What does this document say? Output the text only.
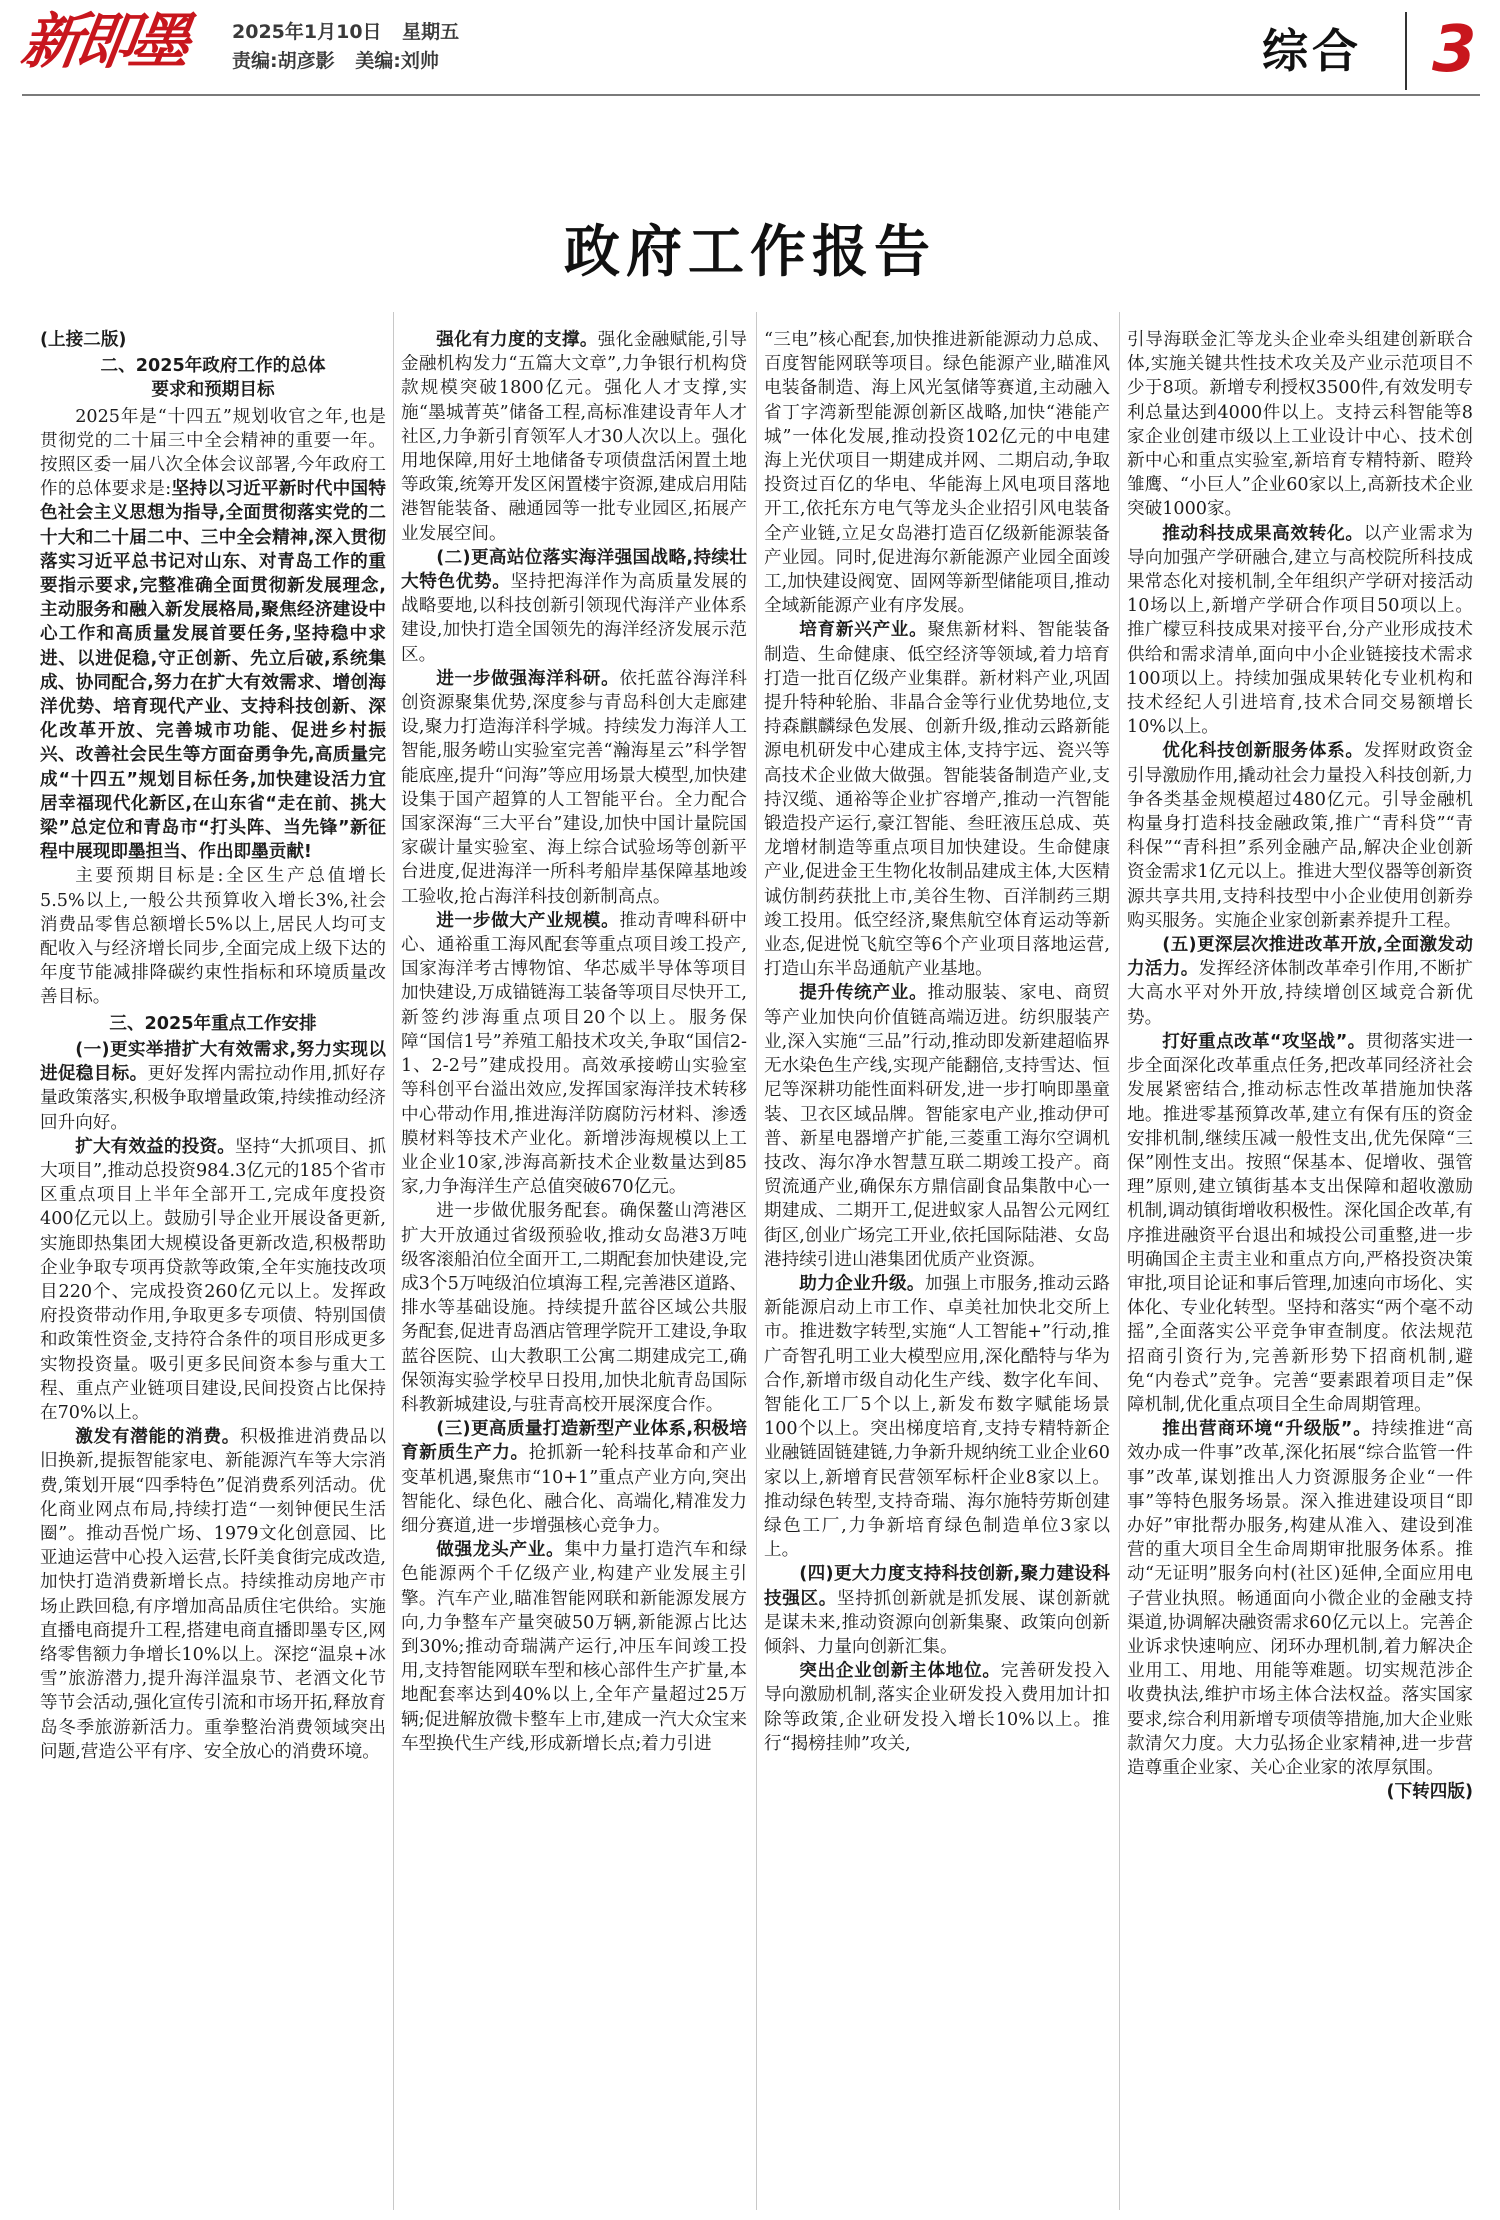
新即墨 2025年1月10日 星期五
责编:胡彦影 美编:刘帅	综合 3
政府工作报告

(上接二版)

二、2025年政府工作的总体
要求和预期目标

2025年是“十四五”规划收官之年,也是贯彻党的二十届三中全会精神的重要一年。按照区委一届八次全体会议部署,今年政府工作的总体要求是:坚持以习近平新时代中国特色社会主义思想为指导,全面贯彻落实党的二十大和二十届二中、三中全会精神,深入贯彻落实习近平总书记对山东、对青岛工作的重要指示要求,完整准确全面贯彻新发展理念,主动服务和融入新发展格局,聚焦经济建设中心工作和高质量发展首要任务,坚持稳中求进、以进促稳,守正创新、先立后破,系统集成、协同配合,努力在扩大有效需求、增创海洋优势、培育现代产业、支持科技创新、深化改革开放、完善城市功能、促进乡村振兴、改善社会民生等方面奋勇争先,高质量完成“十四五”规划目标任务,加快建设活力宜居幸福现代化新区,在山东省“走在前、挑大梁”总定位和青岛市“打头阵、当先锋”新征程中展现即墨担当、作出即墨贡献!

主要预期目标是:全区生产总值增长5.5%以上,一般公共预算收入增长3%,社会消费品零售总额增长5%以上,居民人均可支配收入与经济增长同步,全面完成上级下达的年度节能减排降碳约束性指标和环境质量改善目标。

三、2025年重点工作安排

(一)更实举措扩大有效需求,努力实现以进促稳目标。更好发挥内需拉动作用,抓好存量政策落实,积极争取增量政策,持续推动经济回升向好。

扩大有效益的投资。坚持“大抓项目、抓大项目”,推动总投资984.3亿元的185个省市区重点项目上半年全部开工,完成年度投资400亿元以上。鼓励引导企业开展设备更新,实施即热集团大规模设备更新改造,积极帮助企业争取专项再贷款等政策,全年实施技改项目220个、完成投资260亿元以上。发挥政府投资带动作用,争取更多专项债、特别国债和政策性资金,支持符合条件的项目形成更多实物投资量。吸引更多民间资本参与重大工程、重点产业链项目建设,民间投资占比保持在70%以上。

激发有潜能的消费。积极推进消费品以旧换新,提振智能家电、新能源汽车等大宗消费,策划开展“四季特色”促消费系列活动。优化商业网点布局,持续打造“一刻钟便民生活圈”。推动吾悦广场、1979文化创意园、比亚迪运营中心投入运营,长阡美食街完成改造,加快打造消费新增长点。持续推动房地产市场止跌回稳,有序增加高品质住宅供给。实施直播电商提升工程,搭建电商直播即墨专区,网络零售额力争增长10%以上。深挖“温泉+冰雪”旅游潜力,提升海洋温泉节、老酒文化节等节会活动,强化宣传引流和市场开拓,释放育岛冬季旅游新活力。重拳整治消费领域突出问题,营造公平有序、安全放心的消费环境。

强化有力度的支撑。强化金融赋能,引导金融机构发力“五篇大文章”,力争银行机构贷款规模突破1800亿元。强化人才支撑,实施“墨城菁英”储备工程,高标准建设青年人才社区,力争新引育领军人才30人次以上。强化用地保障,用好土地储备专项债盘活闲置土地等政策,统筹开发区闲置楼宇资源,建成启用陆港智能装备、融通园等一批专业园区,拓展产业发展空间。

(二)更高站位落实海洋强国战略,持续壮大特色优势。坚持把海洋作为高质量发展的战略要地,以科技创新引领现代海洋产业体系建设,加快打造全国领先的海洋经济发展示范区。

进一步做强海洋科研。依托蓝谷海洋科创资源聚集优势,深度参与青岛科创大走廊建设,聚力打造海洋科学城。持续发力海洋人工智能,服务崂山实验室完善“瀚海星云”科学智能底座,提升“问海”等应用场景大模型,加快建设集于国产超算的人工智能平台。全力配合国家深海“三大平台”建设,加快中国计量院国家碳计量实验室、海上综合试验场等创新平台进度,促进海洋一所科考船岸基保障基地竣工验收,抢占海洋科技创新制高点。

进一步做大产业规模。推动青啤科研中心、通裕重工海风配套等重点项目竣工投产,国家海洋考古博物馆、华芯威半导体等项目加快建设,万成锚链海工装备等项目尽快开工,新签约涉海重点项目20个以上。服务保障“国信1号”养殖工船技术攻关,争取“国信2-1、2-2号”建成投用。高效承接崂山实验室等科创平台溢出效应,发挥国家海洋技术转移中心带动作用,推进海洋防腐防污材料、渗透膜材料等技术产业化。新增涉海规模以上工业企业10家,涉海高新技术企业数量达到85家,力争海洋生产总值突破670亿元。

进一步做优服务配套。确保鳌山湾港区扩大开放通过省级预验收,推动女岛港3万吨级客滚船泊位全面开工,二期配套加快建设,完成3个5万吨级泊位填海工程,完善港区道路、排水等基础设施。持续提升蓝谷区域公共服务配套,促进青岛酒店管理学院开工建设,争取蓝谷医院、山大教职工公寓二期建成完工,确保领海实验学校早日投用,加快北航青岛国际科教新城建设,与驻青高校开展深度合作。

(三)更高质量打造新型产业体系,积极培育新质生产力。抢抓新一轮科技革命和产业变革机遇,聚焦市“10+1”重点产业方向,突出智能化、绿色化、融合化、高端化,精准发力细分赛道,进一步增强核心竞争力。

做强龙头产业。集中力量打造汽车和绿色能源两个千亿级产业,构建产业发展主引擎。汽车产业,瞄准智能网联和新能源发展方向,力争整车产量突破50万辆,新能源占比达到30%;推动奇瑞满产运行,冲压车间竣工投用,支持智能网联车型和核心部件生产扩量,本地配套率达到40%以上,全年产量超过25万辆;促进解放微卡整车上市,建成一汽大众宝来车型换代生产线,形成新增长点;着力引进

“三电”核心配套,加快推进新能源动力总成、百度智能网联等项目。绿色能源产业,瞄准风电装备制造、海上风光氢储等赛道,主动融入省丁字湾新型能源创新区战略,加快“港能产城”一体化发展,推动投资102亿元的中电建海上光伏项目一期建成并网、二期启动,争取投资过百亿的华电、华能海上风电项目落地开工,依托东方电气等龙头企业招引风电装备全产业链,立足女岛港打造百亿级新能源装备产业园。同时,促进海尔新能源产业园全面竣工,加快建设阀宽、固网等新型储能项目,推动全域新能源产业有序发展。

培育新兴产业。聚焦新材料、智能装备制造、生命健康、低空经济等领域,着力培育打造一批百亿级产业集群。新材料产业,巩固提升特种轮胎、非晶合金等行业优势地位,支持森麒麟绿色发展、创新升级,推动云路新能源电机研发中心建成主体,支持宇远、瓷兴等高技术企业做大做强。智能装备制造产业,支持汉缆、通裕等企业扩容增产,推动一汽智能锻造投产运行,豪江智能、叁旺液压总成、英龙增材制造等重点项目加快建设。生命健康产业,促进金王生物化妆制品建成主体,大医精诚仿制药获批上市,美谷生物、百洋制药三期竣工投用。低空经济,聚焦航空体育运动等新业态,促进悦飞航空等6个产业项目落地运营,打造山东半岛通航产业基地。

提升传统产业。推动服装、家电、商贸等产业加快向价值链高端迈进。纺织服装产业,深入实施“三品”行动,推动即发新建超临界无水染色生产线,实现产能翻倍,支持雪达、恒尼等深耕功能性面料研发,进一步打响即墨童装、卫衣区域品牌。智能家电产业,推动伊可普、新星电器增产扩能,三菱重工海尔空调机技改、海尔净水智慧互联二期竣工投产。商贸流通产业,确保东方鼎信副食品集散中心一期建成、二期开工,促进蚁家人品智公元网红街区,创业广场完工开业,依托国际陆港、女岛港持续引进山港集团优质产业资源。

助力企业升级。加强上市服务,推动云路新能源启动上市工作、卓美社加快北交所上市。推进数字转型,实施“人工智能+”行动,推广奇智孔明工业大模型应用,深化酷特与华为合作,新增市级自动化生产线、数字化车间、智能化工厂5个以上,新发布数字赋能场景100个以上。突出梯度培育,支持专精特新企业融链固链建链,力争新升规纳统工业企业60家以上,新增育民营领军标杆企业8家以上。推动绿色转型,支持奇瑞、海尔施特劳斯创建绿色工厂,力争新培育绿色制造单位3家以上。

(四)更大力度支持科技创新,聚力建设科技强区。坚持抓创新就是抓发展、谋创新就是谋未来,推动资源向创新集聚、政策向创新倾斜、力量向创新汇集。

突出企业创新主体地位。完善研发投入导向激励机制,落实企业研发投入费用加计扣除等政策,企业研发投入增长10%以上。推行“揭榜挂帅”攻关,

引导海联金汇等龙头企业牵头组建创新联合体,实施关键共性技术攻关及产业示范项目不少于8项。新增专利授权3500件,有效发明专利总量达到4000件以上。支持云科智能等8家企业创建市级以上工业设计中心、技术创新中心和重点实验室,新培育专精特新、瞪羚雏鹰、“小巨人”企业60家以上,高新技术企业突破1000家。

推动科技成果高效转化。以产业需求为导向加强产学研融合,建立与高校院所科技成果常态化对接机制,全年组织产学研对接活动10场以上,新增产学研合作项目50项以上。推广檬豆科技成果对接平台,分产业形成技术供给和需求清单,面向中小企业链接技术需求100项以上。持续加强成果转化专业机构和技术经纪人引进培育,技术合同交易额增长10%以上。

优化科技创新服务体系。发挥财政资金引导激励作用,撬动社会力量投入科技创新,力争各类基金规模超过480亿元。引导金融机构量身打造科技金融政策,推广“青科贷”“青科保”“青科担”系列金融产品,解决企业创新资金需求1亿元以上。推进大型仪器等创新资源共享共用,支持科技型中小企业使用创新券购买服务。实施企业家创新素养提升工程。

(五)更深层次推进改革开放,全面激发动力活力。发挥经济体制改革牵引作用,不断扩大高水平对外开放,持续增创区域竞合新优势。

打好重点改革“攻坚战”。贯彻落实进一步全面深化改革重点任务,把改革同经济社会发展紧密结合,推动标志性改革措施加快落地。推进零基预算改革,建立有保有压的资金安排机制,继续压减一般性支出,优先保障“三保”刚性支出。按照“保基本、促增收、强管理”原则,建立镇街基本支出保障和超收激励机制,调动镇街增收积极性。深化国企改革,有序推进融资平台退出和城投公司重整,进一步明确国企主责主业和重点方向,严格投资决策审批,项目论证和事后管理,加速向市场化、实体化、专业化转型。坚持和落实“两个毫不动摇”,全面落实公平竞争审查制度。依法规范招商引资行为,完善新形势下招商机制,避免“内卷式”竞争。完善“要素跟着项目走”保障机制,优化重点项目全生命周期管理。

推出营商环境“升级版”。持续推进“高效办成一件事”改革,深化拓展“综合监管一件事”改革,谋划推出人力资源服务企业“一件事”等特色服务场景。深入推进建设项目“即办好”审批帮办服务,构建从准入、建设到准营的重大项目全生命周期审批服务体系。推动“无证明”服务向村(社区)延伸,全面应用电子营业执照。畅通面向小微企业的金融支持渠道,协调解决融资需求60亿元以上。完善企业诉求快速响应、闭环办理机制,着力解决企业用工、用地、用能等难题。切实规范涉企收费执法,维护市场主体合法权益。落实国家要求,综合利用新增专项债等措施,加大企业账款清欠力度。大力弘扬企业家精神,进一步营造尊重企业家、关心企业家的浓厚氛围。

(下转四版)
